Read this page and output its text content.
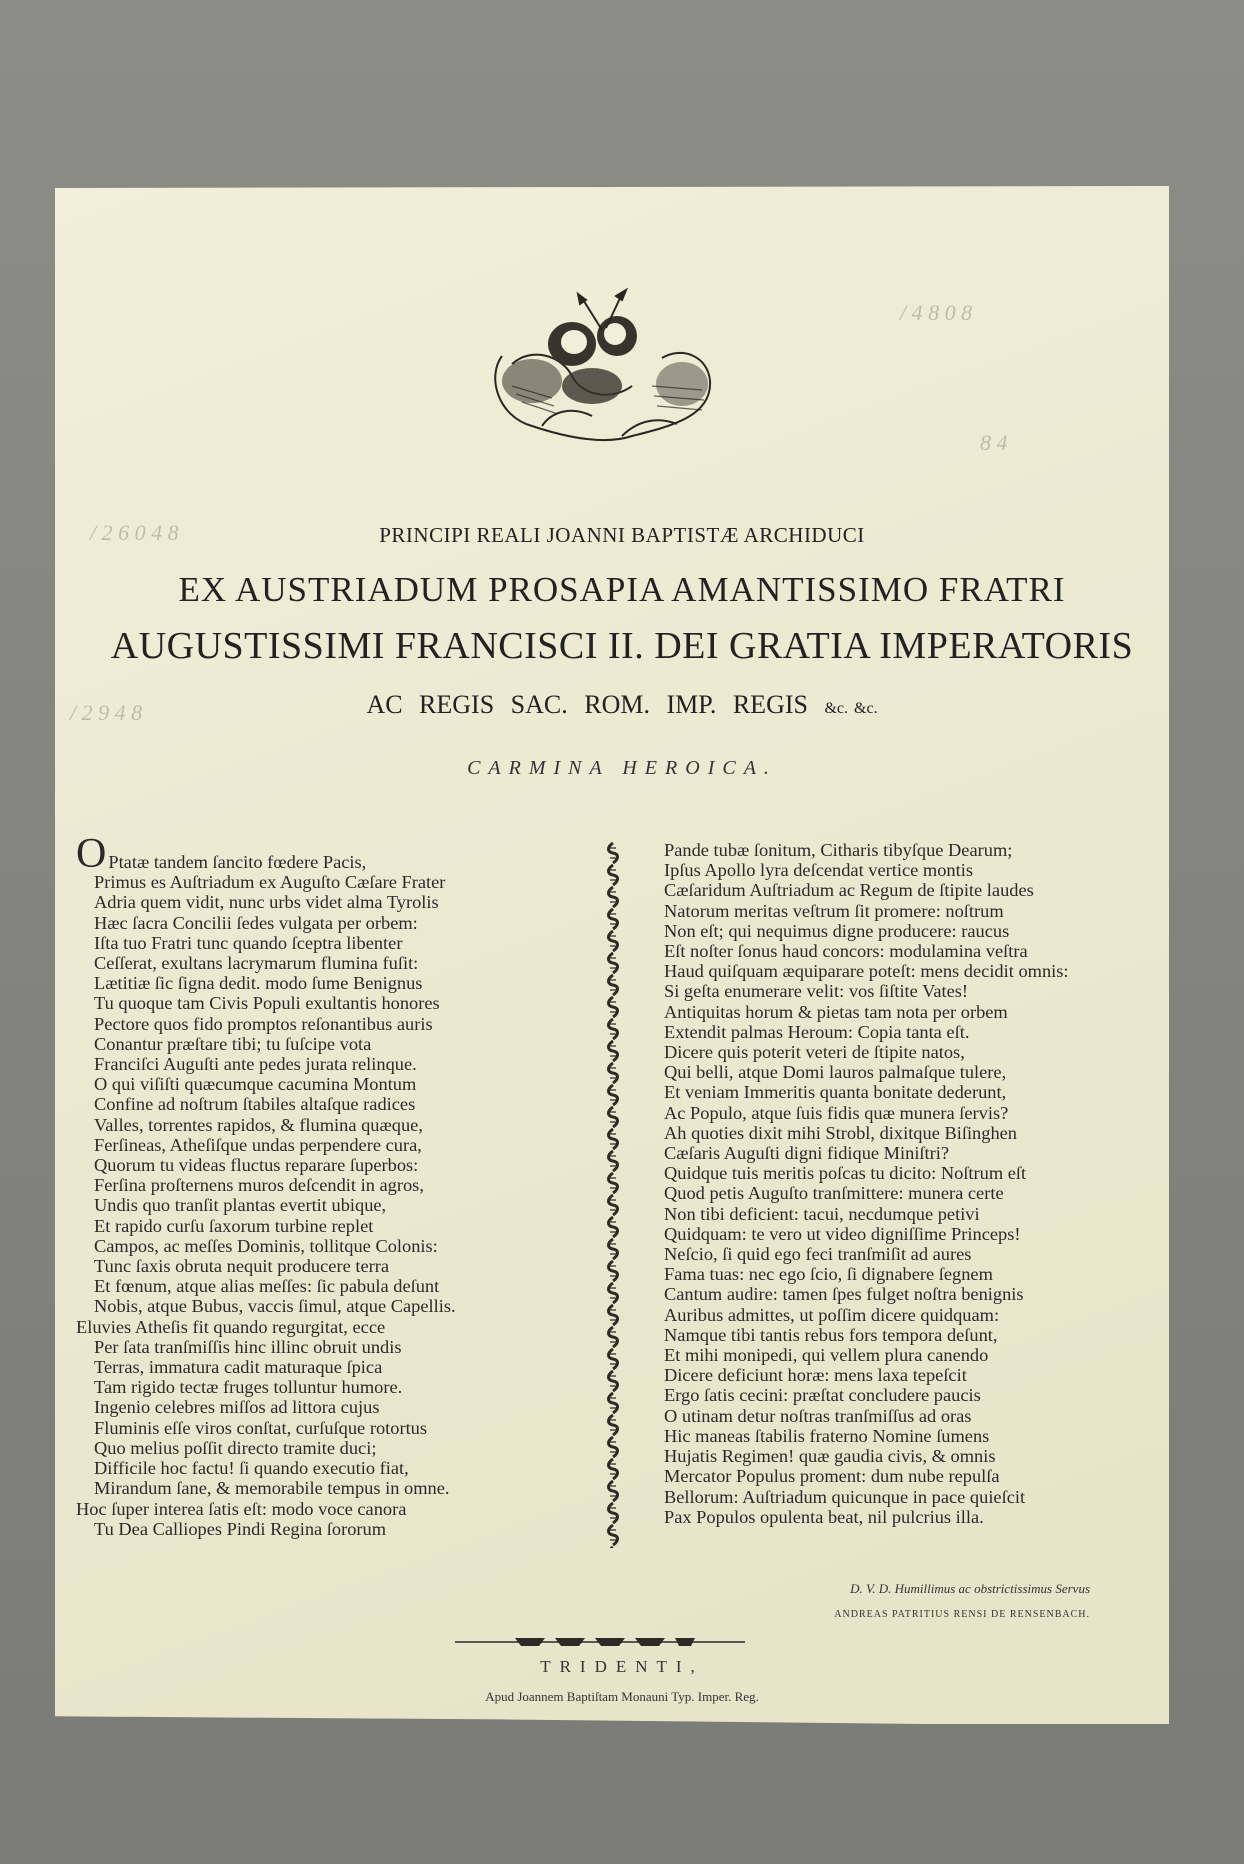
/ 4 8 0 8
8 4
/ 2 6 0 4 8
/ 2 9 4 8
PRINCIPI REALI JOANNI BAPTISTÆ ARCHIDUCI
EX AUSTRIADUM PROSAPIA AMANTISSIMO FRATRI
AUGUSTISSIMI FRANCISCI II. DEI GRATIA IMPERATORIS
AC REGIS SAC. ROM. IMP. REGIS &c. &c.
CARMINA HEROICA.
O Ptatæ tandem ſancito fœdere Pacis,
Primus es Auſtriadum ex Auguſto Cæſare Frater
Adria quem vidit, nunc urbs videt alma Tyrolis
Hæc ſacra Concilii ſedes vulgata per orbem:
Iſta tuo Fratri tunc quando ſceptra libenter
Ceſſerat, exultans lacrymarum flumina fuſit:
Lætitiæ ſic ſigna dedit. modo ſume Benignus
Tu quoque tam Civis Populi exultantis honores
Pectore quos fido promptos reſonantibus auris
Conantur præſtare tibi; tu ſuſcipe vota
Franciſci Auguſti ante pedes jurata relinque.
O qui viſiſti quæcumque cacumina Montum
Confine ad noſtrum ſtabiles altaſque radices
Valles, torrentes rapidos, & flumina quæque,
Ferſineas, Atheſiſque undas perpendere cura,
Quorum tu videas fluctus reparare ſuperbos:
Ferſina proſternens muros deſcendit in agros,
Undis quo tranſit plantas evertit ubique,
Et rapido curſu ſaxorum turbine replet
Campos, ac meſſes Dominis, tollitque Colonis:
Tunc ſaxis obruta nequit producere terra
Et fœnum, atque alias meſſes: ſic pabula deſunt
Nobis, atque Bubus, vaccis ſimul, atque Capellis.
Eluvies Atheſis fit quando regurgitat, ecce
Per ſata tranſmiſſis hinc illinc obruit undis
Terras, immatura cadit maturaque ſpica
Tam rigido tectæ fruges tolluntur humore.
Ingenio celebres miſſos ad littora cujus
Fluminis eſſe viros conſtat, curſuſque rotortus
Quo melius poſſit directo tramite duci;
Difficile hoc factu! ſi quando executio fiat,
Mirandum ſane, & memorabile tempus in omne.
Hoc ſuper interea ſatis eſt: modo voce canora
Tu Dea Calliopes Pindi Regina ſororum
Pande tubæ ſonitum, Citharis tibyſque Dearum;
Ipſus Apollo lyra deſcendat vertice montis
Cæſaridum Auſtriadum ac Regum de ſtipite laudes
Natorum meritas veſtrum ſit promere: noſtrum
Non eſt; qui nequimus digne producere: raucus
Eſt noſter ſonus haud concors: modulamina veſtra
Haud quiſquam æquiparare poteſt: mens decidit omnis:
Si geſta enumerare velit: vos ſiſtite Vates!
Antiquitas horum & pietas tam nota per orbem
Extendit palmas Heroum: Copia tanta eſt.
Dicere quis poterit veteri de ſtipite natos,
Qui belli, atque Domi lauros palmaſque tulere,
Et veniam Immeritis quanta bonitate dederunt,
Ac Populo, atque ſuis fidis quæ munera ſervis?
Ah quoties dixit mihi Strobl, dixitque Biſinghen
Cæſaris Auguſti digni fidique Miniſtri?
Quidque tuis meritis poſcas tu dicito: Noſtrum eſt
Quod petis Auguſto tranſmittere: munera certe
Non tibi deficient: tacui, necdumque petivi
Quidquam: te vero ut video digniſſime Princeps!
Neſcio, ſi quid ego feci tranſmiſit ad aures
Fama tuas: nec ego ſcio, ſi dignabere ſegnem
Cantum audire: tamen ſpes fulget noſtra benignis
Auribus admittes, ut poſſim dicere quidquam:
Namque tibi tantis rebus fors tempora deſunt,
Et mihi monipedi, qui vellem plura canendo
Dicere deficiunt horæ: mens laxa tepeſcit
Ergo ſatis cecini: præſtat concludere paucis
O utinam detur noſtras tranſmiſſus ad oras
Hic maneas ſtabilis fraterno Nomine ſumens
Hujatis Regimen! quæ gaudia civis, & omnis
Mercator Populus proment: dum nube repulſa
Bellorum: Auſtriadum quicunque in pace quieſcit
Pax Populos opulenta beat, nil pulcrius illa.
D. V. D. Humillimus ac obstrictissimus Servus
ANDREAS PATRITIUS RENSI DE RENSENBACH.
TRIDENTI,
Apud Joannem Baptiſtam Monauni Typ. Imper. Reg.
